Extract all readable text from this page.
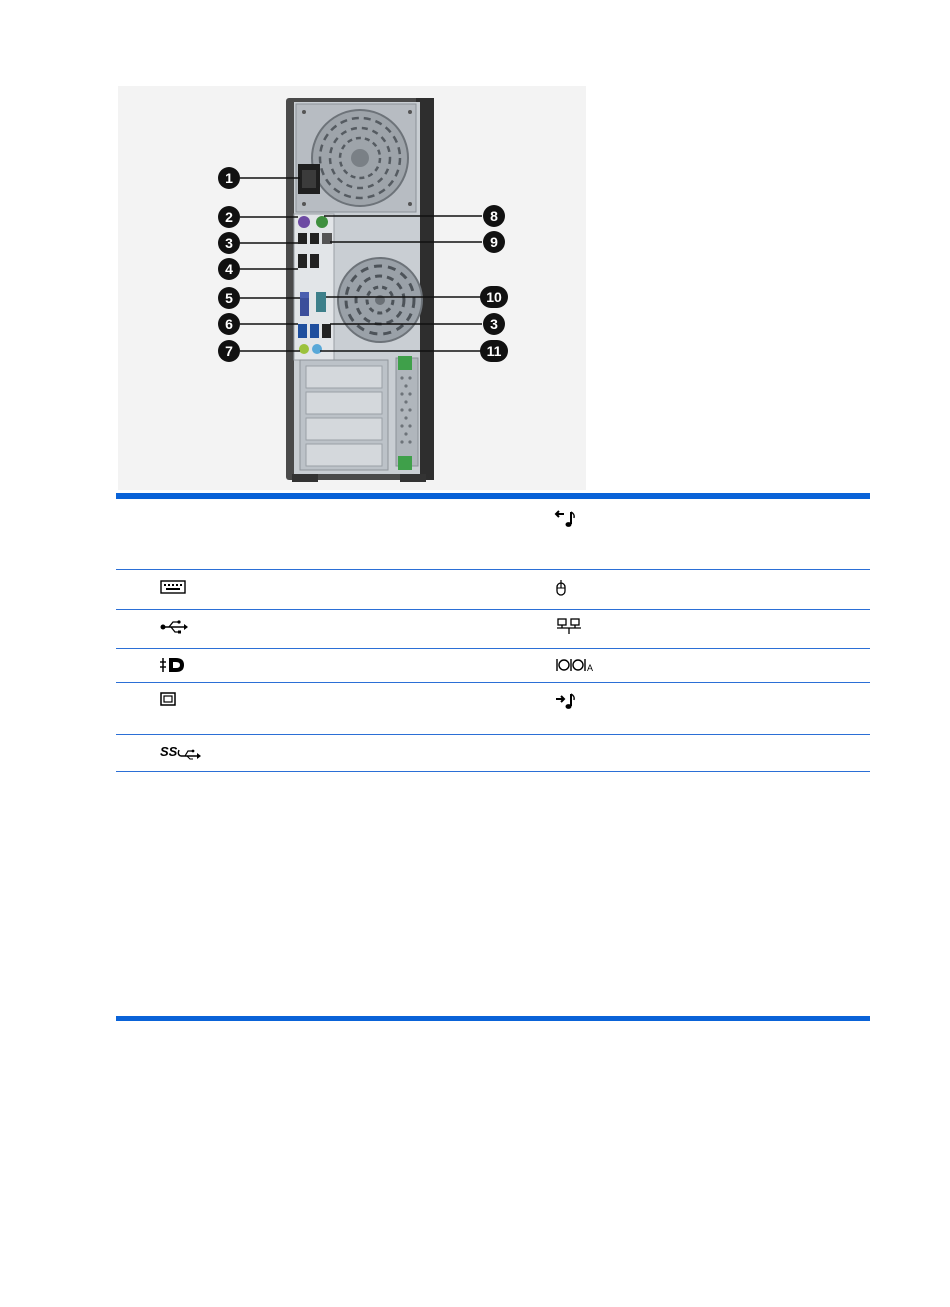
1
2
3
4
5
6
7
8
9
10
3
11
A
SS
